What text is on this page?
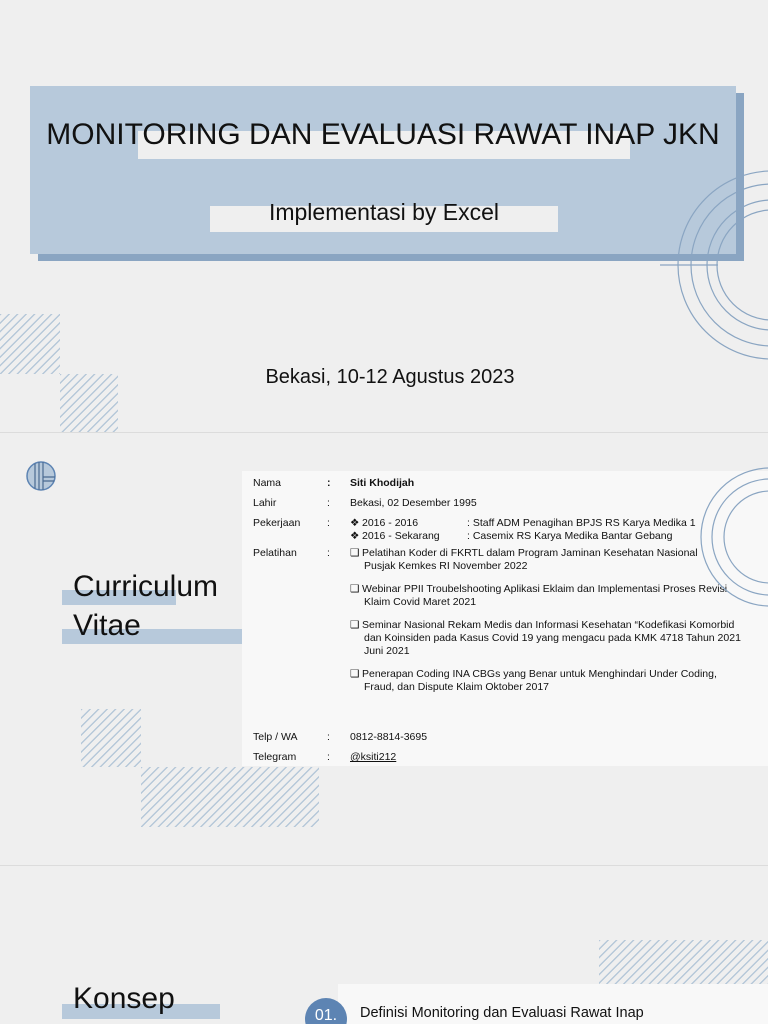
MONITORING DAN EVALUASI RAWAT INAP JKN
Implementasi by Excel
Bekasi, 10-12 Agustus 2023
Curriculum
Vitae
Nama	: Siti Khodijah
Lahir	: Bekasi, 02 Desember 1995
Pekerjaan	: ❖ 2016 - 2016	: Staff ADM Penagihan BPJS RS Karya Medika 1
❖ 2016 - Sekarang	: Casemix RS Karya Medika Bantar Gebang
Pelatihan	: ❑ Pelatihan Koder di FKRTL dalam Program Jaminan Kesehatan Nasional
Pusjak Kemkes RI November 2022
❑ Webinar PPII Troubelshooting Aplikasi Eklaim dan Implementasi Proses Revisi
Klaim Covid Maret 2021
❑ Seminar Nasional Rekam Medis dan Informasi Kesehatan “Kodefikasi Komorbid
dan Koinsiden pada Kasus Covid 19 yang mengacu pada KMK 4718 Tahun 2021 Juni 2021
❑ Penerapan Coding INA CBGs yang Benar untuk Menghindari Under Coding,
Fraud, dan Dispute Klaim Oktober 2017
Telp / WA	: 0812-8814-3695
Telegram	: @ksiti212
Konsep
01.	Definisi Monitoring dan Evaluasi Rawat Inap
